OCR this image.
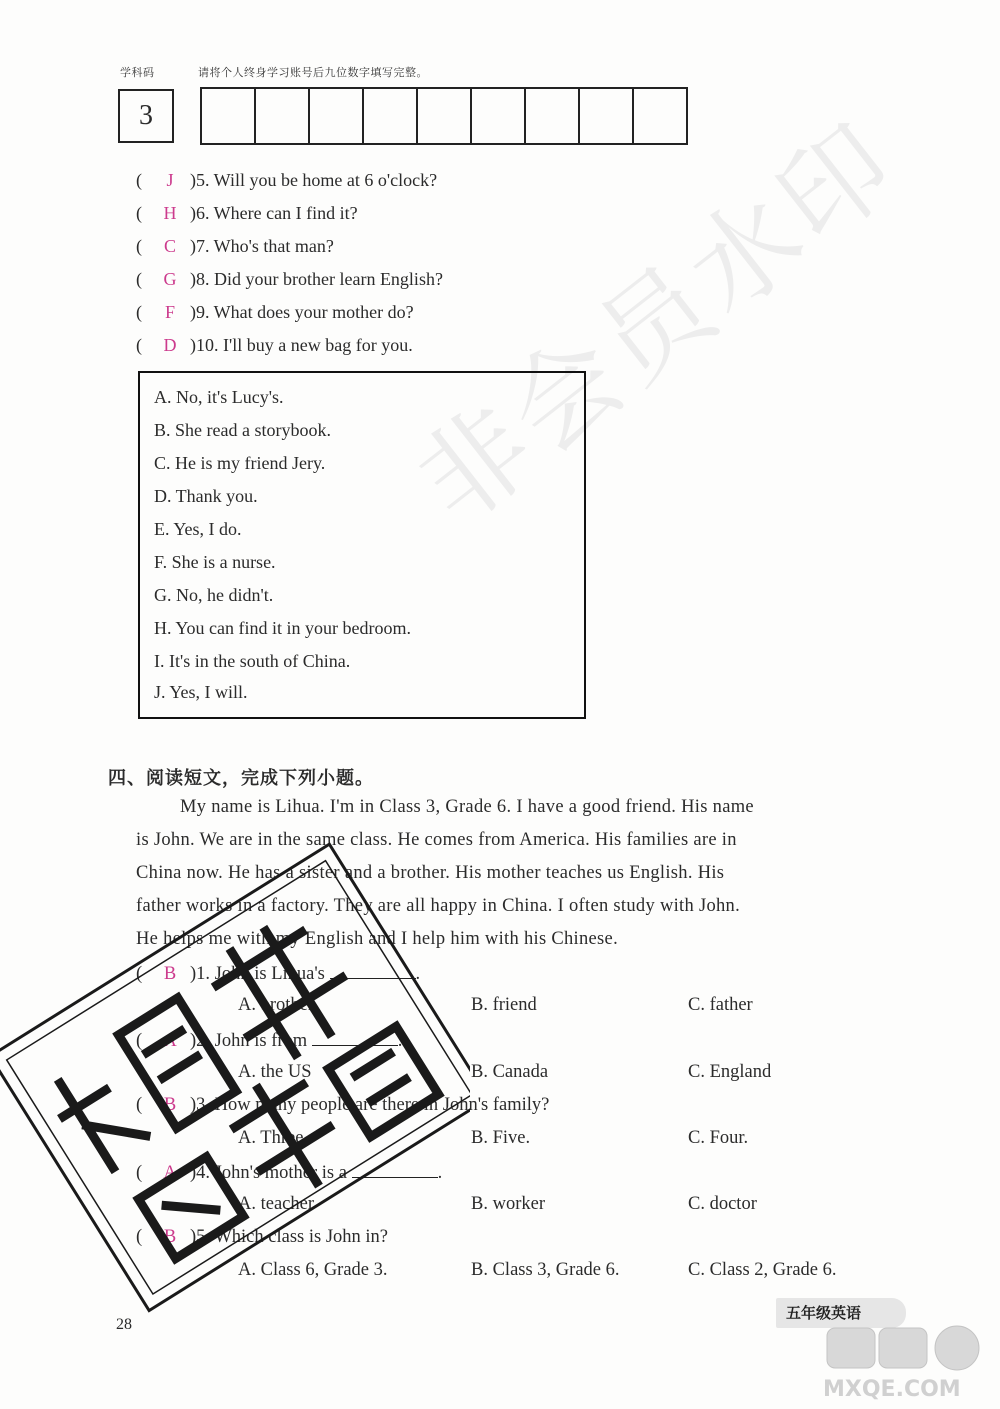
非会员水印
学科码	请将个人终身学习账号后九位数字填写完整。
3
( J )5. Will you be home at 6 o'clock?
( H )6. Where can I find it?
( C )7. Who's that man?
( G )8. Did your brother learn English?
( F )9. What does your mother do?
( D )10. I'll buy a new bag for you.
A. No, it's Lucy's.
B. She read a storybook.
C. He is my friend Jery.
D. Thank you.
E. Yes, I do.
F. She is a nurse.
G. No, he didn't.
H. You can find it in your bedroom.
I. It's in the south of China.
J. Yes, I will.
四、阅读短文，完成下列小题。
My name is Lihua. I'm in Class 3, Grade 6. I have a good friend. His name
is John. We are in the same class. He comes from America. His families are in
China now. He has a sister and a brother. His mother teaches us English. His
father works in a factory. They are all happy in China. I often study with John.
He helps me with my English and I help him with his Chinese.
( B )1. John is Lihua's	.
A. brother	B. friend	C. father
( A )2. John is from	.
A. the US	B. Canada	C. England
( B )3. How many people are there in John's family?
A. Three.	B. Five.	C. Four.
( A )4. John's mother is a	.
A. teacher	B. worker	C. doctor
( B )5. Which class is John in?
A. Class 6, Grade 3.	B. Class 3, Grade 6.	C. Class 2, Grade 6.
28
五年级英语
MXQE.COM
